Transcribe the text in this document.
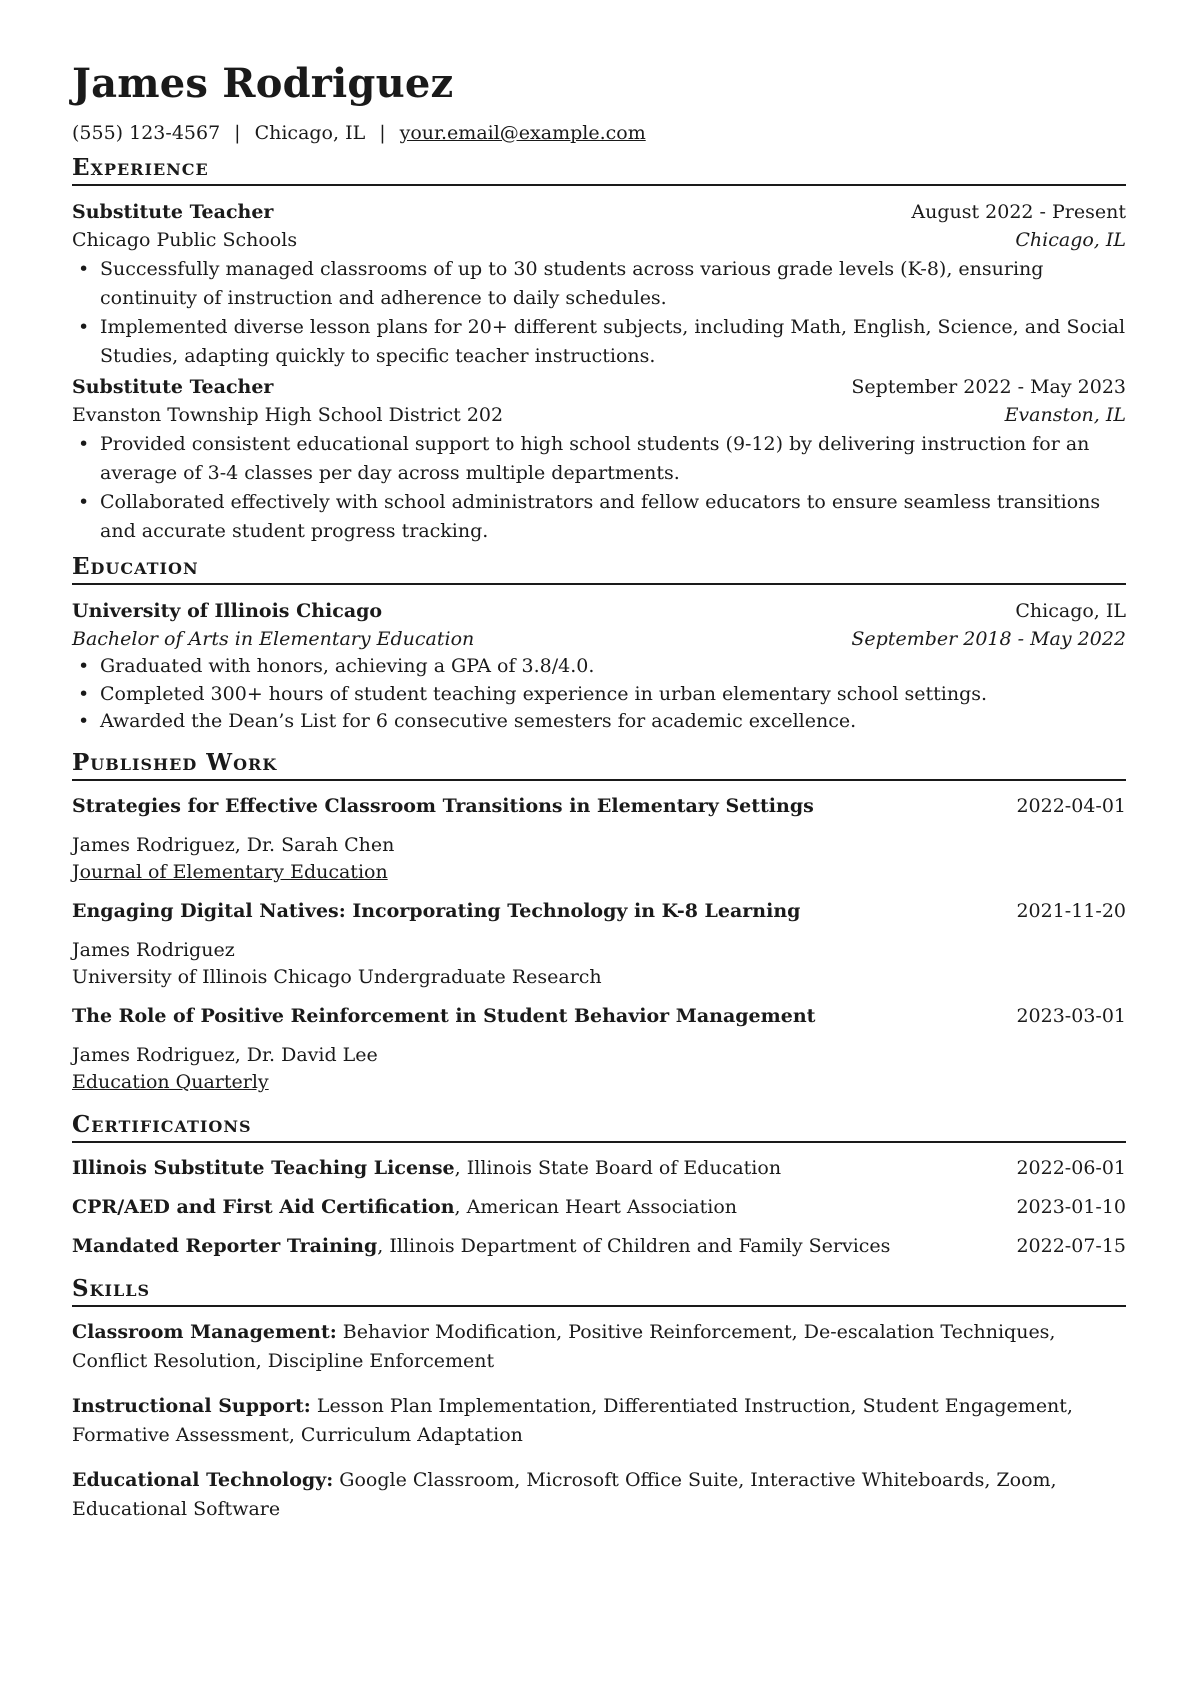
James Rodriguez
(555) 123-4567 | Chicago, IL | your.email@example.com
Experience
Substitute Teacher	August 2022 - Present
Chicago Public Schools	Chicago, IL
• Successfully managed classrooms of up to 30 students across various grade levels (K-8), ensuring continuity of instruction and adherence to daily schedules.
• Implemented diverse lesson plans for 20+ different subjects, including Math, English, Science, and Social Studies, adapting quickly to specific teacher instructions.
Substitute Teacher	September 2022 - May 2023
Evanston Township High School District 202	Evanston, IL
• Provided consistent educational support to high school students (9-12) by delivering instruction for an average of 3-4 classes per day across multiple departments.
• Collaborated effectively with school administrators and fellow educators to ensure seamless transitions and accurate student progress tracking.
Education
University of Illinois Chicago	Chicago, IL
Bachelor of Arts in Elementary Education	September 2018 - May 2022
• Graduated with honors, achieving a GPA of 3.8/4.0.
• Completed 300+ hours of student teaching experience in urban elementary school settings.
• Awarded the Dean’s List for 6 consecutive semesters for academic excellence.
Published Work
Strategies for Effective Classroom Transitions in Elementary Settings	2022-04-01
James Rodriguez, Dr. Sarah Chen
Journal of Elementary Education
Engaging Digital Natives: Incorporating Technology in K-8 Learning	2021-11-20
James Rodriguez
University of Illinois Chicago Undergraduate Research
The Role of Positive Reinforcement in Student Behavior Management	2023-03-01
James Rodriguez, Dr. David Lee
Education Quarterly
Certifications
Illinois Substitute Teaching License, Illinois State Board of Education	2022-06-01
CPR/AED and First Aid Certification, American Heart Association	2023-01-10
Mandated Reporter Training, Illinois Department of Children and Family Services	2022-07-15
Skills
Classroom Management: Behavior Modification, Positive Reinforcement, De-escalation Techniques, Conflict Resolution, Discipline Enforcement
Instructional Support: Lesson Plan Implementation, Differentiated Instruction, Student Engagement, Formative Assessment, Curriculum Adaptation
Educational Technology: Google Classroom, Microsoft Office Suite, Interactive Whiteboards, Zoom, Educational Software
